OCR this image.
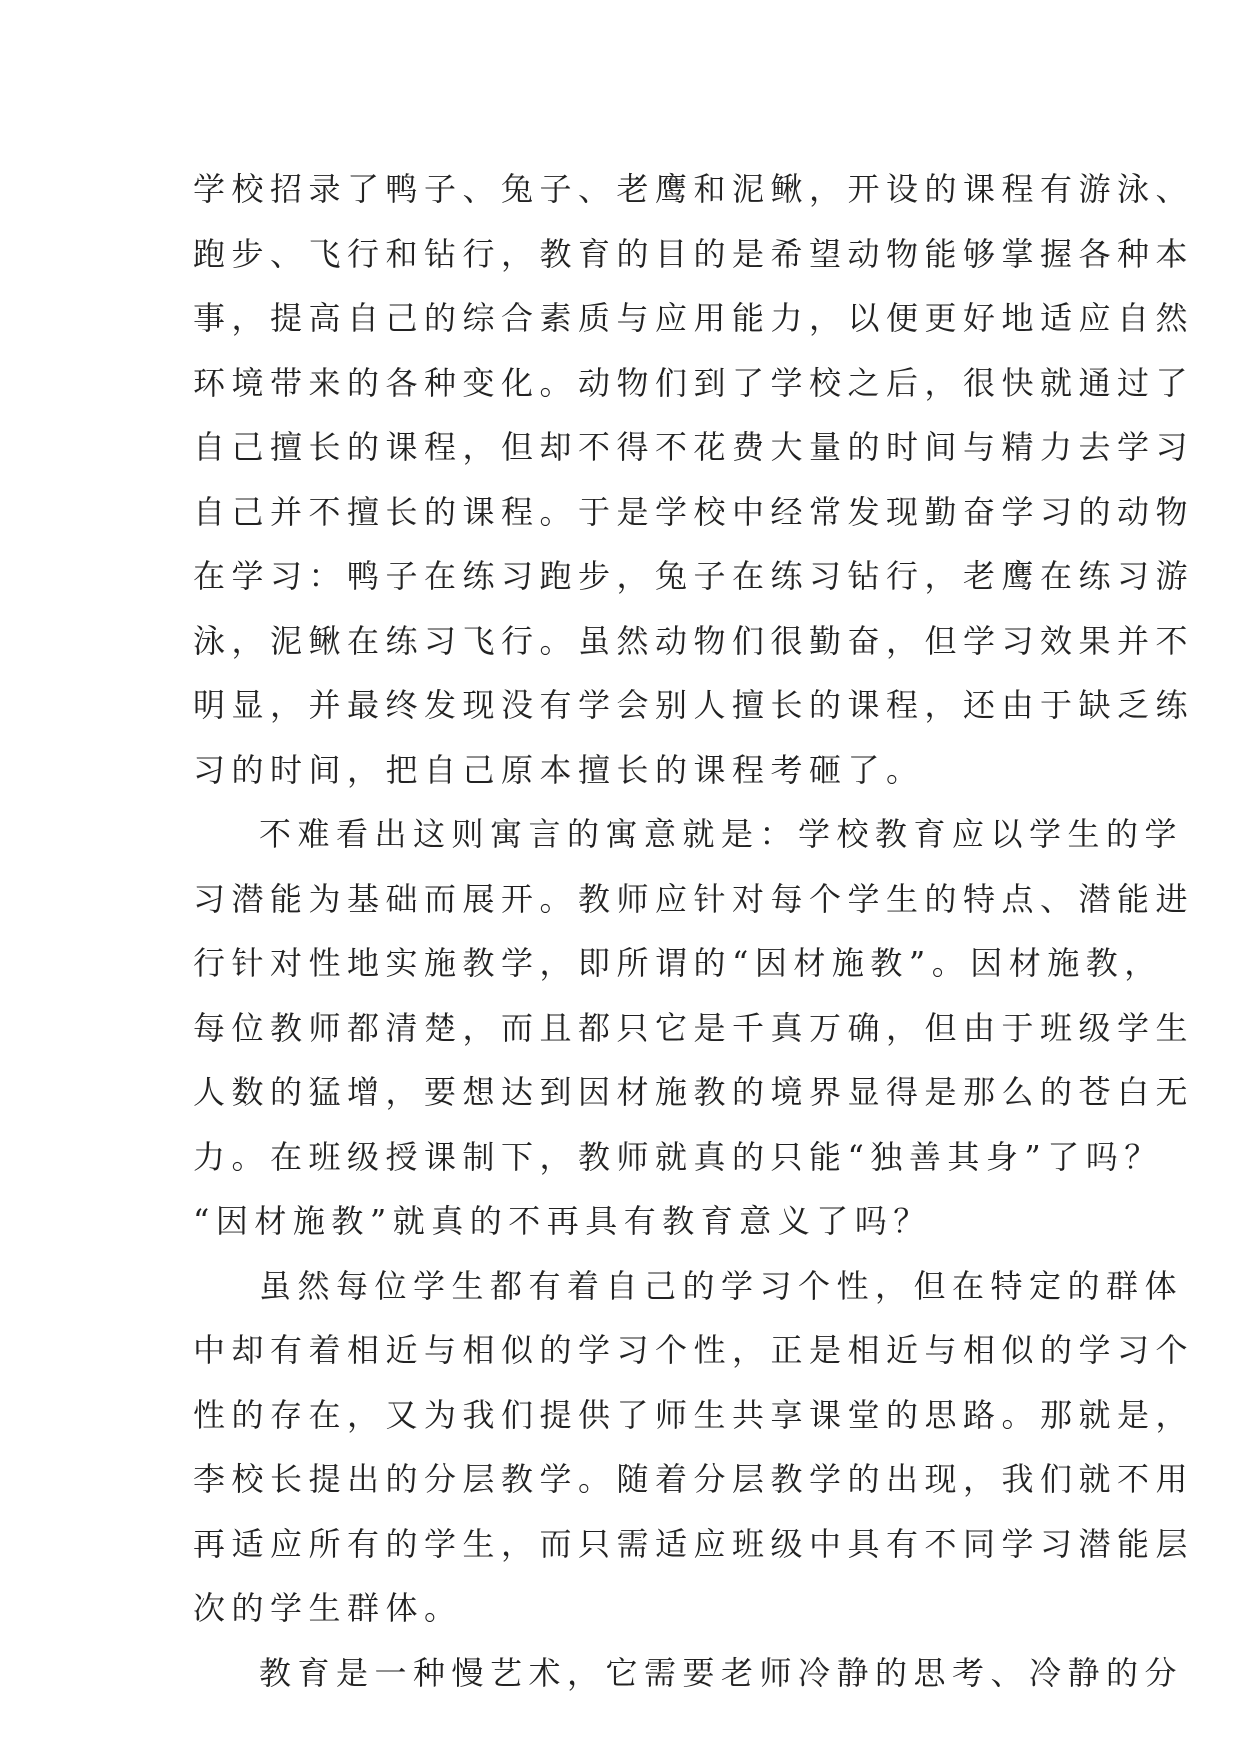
学校招录了鸭子、兔子、老鹰和泥鳅，开设的课程有游泳、
跑步、飞行和钻行，教育的目的是希望动物能够掌握各种本
事，提高自己的综合素质与应用能力，以便更好地适应自然
环境带来的各种变化。动物们到了学校之后，很快就通过了
自己擅长的课程，但却不得不花费大量的时间与精力去学习
自己并不擅长的课程。于是学校中经常发现勤奋学习的动物
在学习：鸭子在练习跑步，兔子在练习钻行，老鹰在练习游
泳，泥鳅在练习飞行。虽然动物们很勤奋，但学习效果并不
明显，并最终发现没有学会别人擅长的课程，还由于缺乏练
习的时间，把自己原本擅长的课程考砸了。
不难看出这则寓言的寓意就是：学校教育应以学生的学
习潜能为基础而展开。教师应针对每个学生的特点、潜能进
行针对性地实施教学，即所谓的“因材施教”。因材施教，
每位教师都清楚，而且都只它是千真万确，但由于班级学生
人数的猛增，要想达到因材施教的境界显得是那么的苍白无
力。在班级授课制下，教师就真的只能“独善其身”了吗？
“因材施教”就真的不再具有教育意义了吗？
虽然每位学生都有着自己的学习个性，但在特定的群体
中却有着相近与相似的学习个性，正是相近与相似的学习个
性的存在，又为我们提供了师生共享课堂的思路。那就是，
李校长提出的分层教学。随着分层教学的出现，我们就不用
再适应所有的学生，而只需适应班级中具有不同学习潜能层
次的学生群体。
教育是一种慢艺术，它需要老师冷静的思考、冷静的分
